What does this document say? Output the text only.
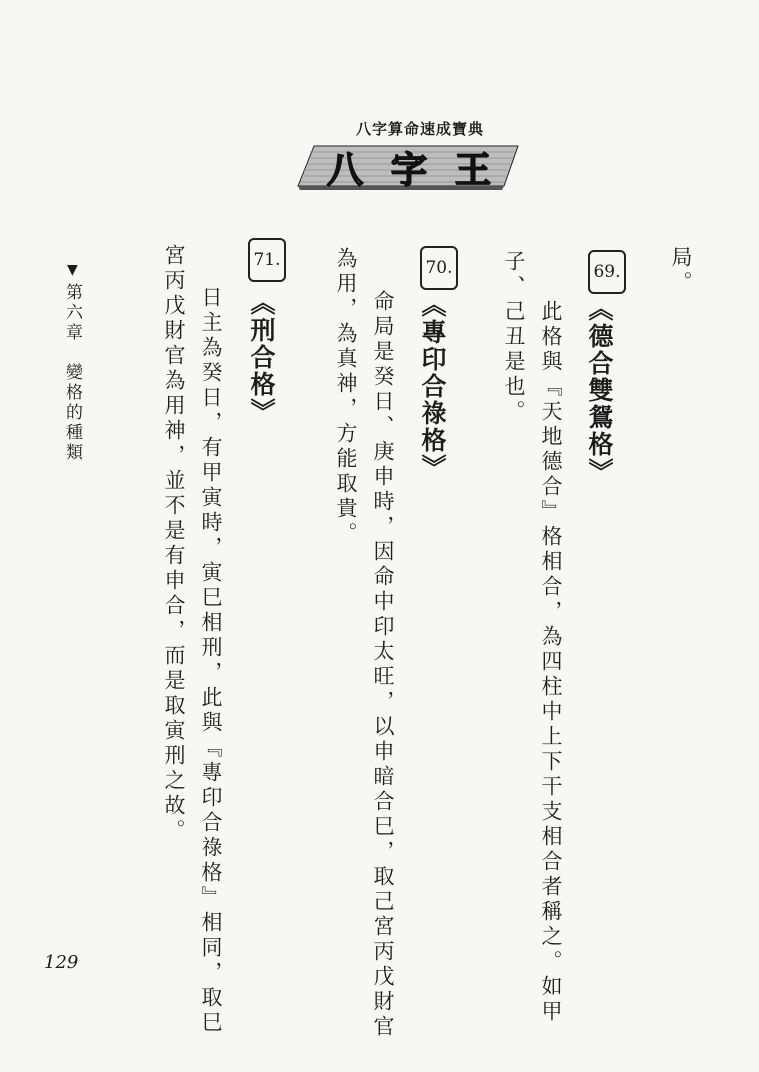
八字算命速成寶典
八字王
局。
69.
《德合雙鴛格》
此格與『天地德合』格相合，為四柱中上下干支相合者稱之。如甲
子、己丑是也。
70.
《專印合祿格》
命局是癸日、庚申時，因命中印太旺，以申暗合巳，取己宮丙戊財官
為用，為真神，方能取貴。
71.
《刑合格》
日主為癸日，有甲寅時，寅巳相刑，此與『專印合祿格』相同，取巳
宮丙戊財官為用神，並不是有申合，而是取寅刑之故。
▼
第六章　變格的種類
129
